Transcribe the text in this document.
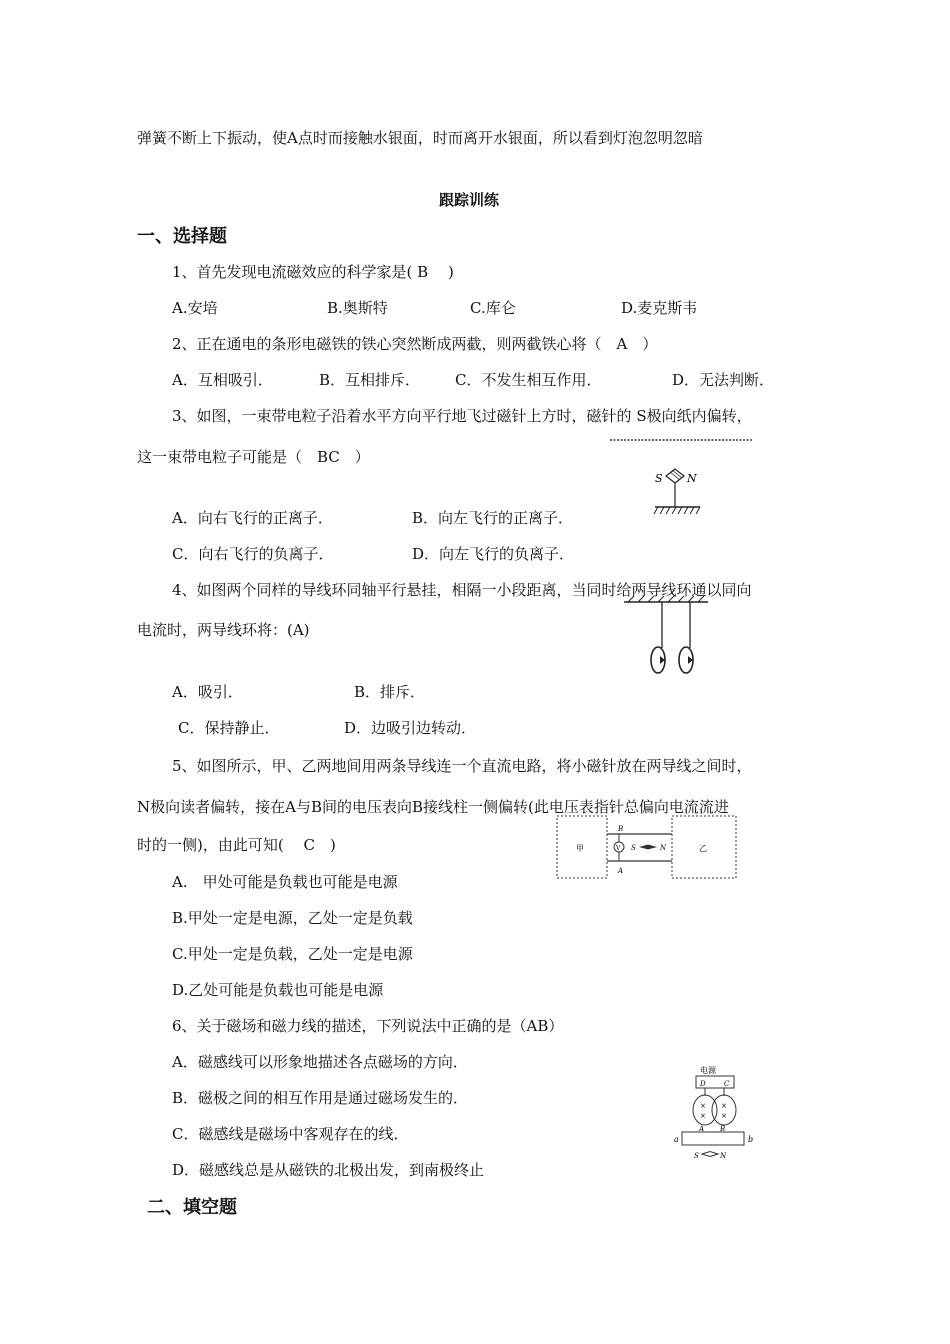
弹簧不断上下振动，使A点时而接触水银面，时而离开水银面，所以看到灯泡忽明忽暗
跟踪训练
一、选择题
1、首先发现电流磁效应的科学家是( B　 )
A.安培	B.奥斯特	C.库仑	D.麦克斯韦
2、正在通电的条形电磁铁的铁心突然断成两截，则两截铁心将（　A　）
A．互相吸引．	B．互相排斥． C．不发生相互作用．	D．无法判断．
3、如图，一束带电粒子沿着水平方向平行地飞过磁针上方时，磁针的 S极向纸内偏转，
这一束带电粒子可能是（　BC　）
A．向右飞行的正离子．	B．向左飞行的正离子．
C．向右飞行的负离子．	D．向左飞行的负离子．
S N
4、如图两个同样的导线环同轴平行悬挂，相隔一小段距离，当同时给两导线环通以同向
电流时，两导线环将：(A)
A．吸引．	B．排斥．
C．保持静止．	D．边吸引边转动．
5、如图所示，甲、乙两地间用两条导线连一个直流电路，将小磁针放在两导线之间时，
N极向读者偏转，接在A与B间的电压表向B接线柱一侧偏转(此电压表指针总偏向电流流进
时的一侧)，由此可知(　 C　)
A.　甲处可能是负载也可能是电源
B.甲处一定是电源，乙处一定是负载
C.甲处一定是负载，乙处一定是电源
D.乙处可能是负载也可能是电源
甲	乙
V
B
A
S	N
6、关于磁场和磁力线的描述，下列说法中正确的是（AB）
A．磁感线可以形象地描述各点磁场的方向．
B．磁极之间的相互作用是通过磁场发生的．
C．磁感线是磁场中客观存在的线．
D．磁感线总是从磁铁的北极出发，到南极终止
电源
D	C
×
×
×
×
A B
a	b
S	N
二、填空题
